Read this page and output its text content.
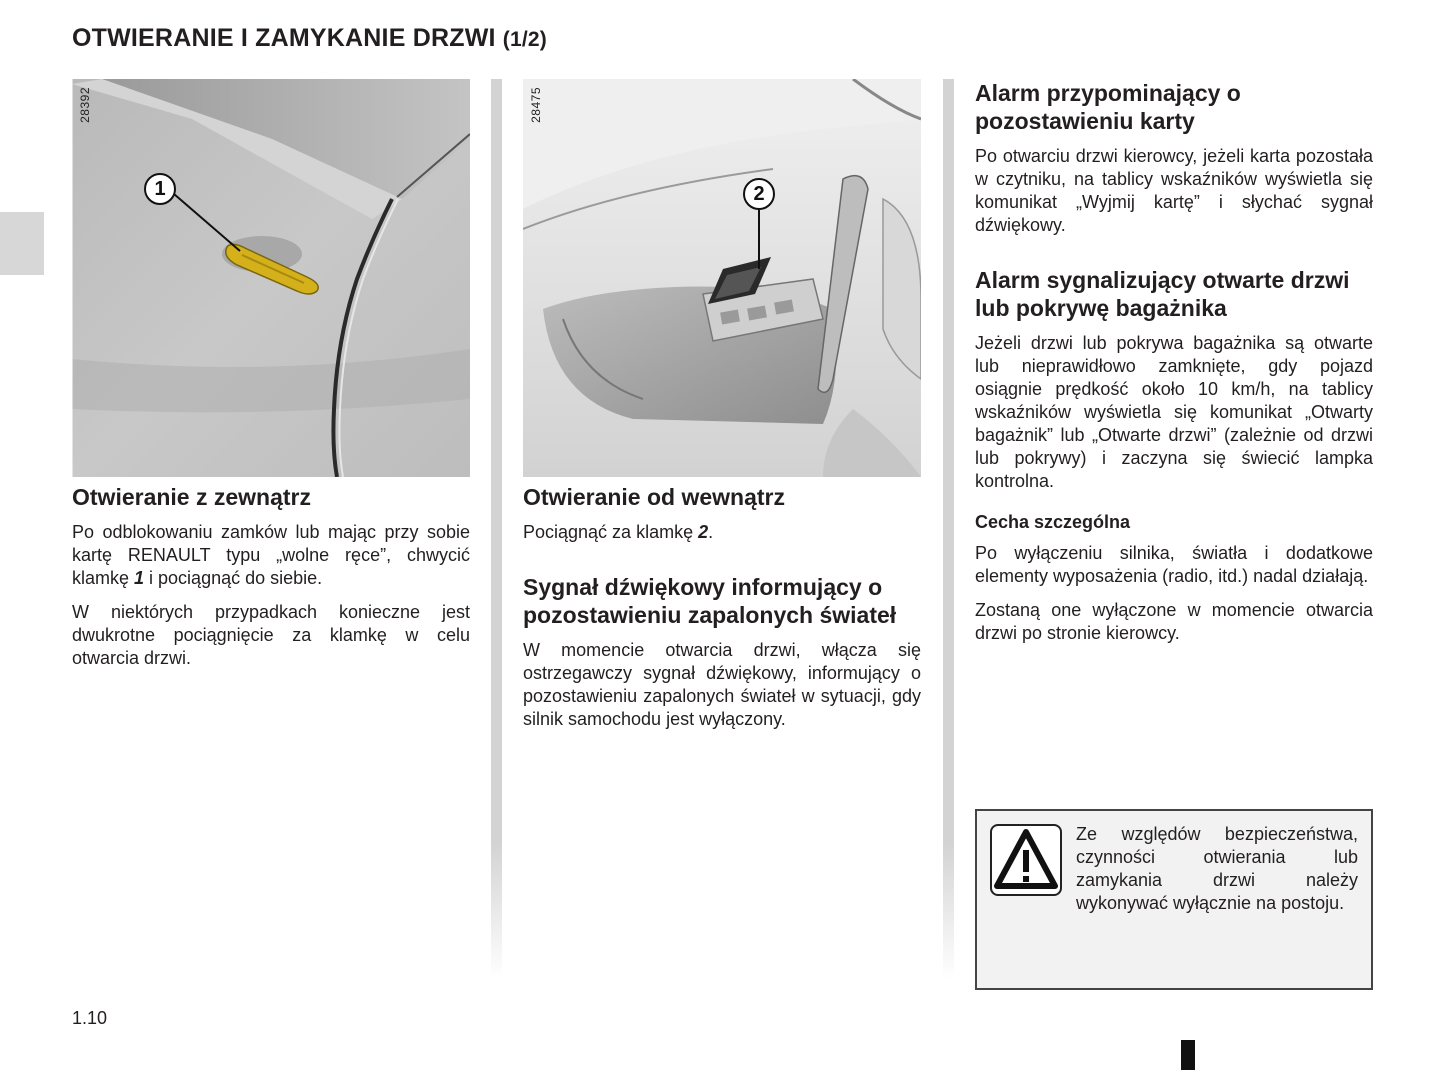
OTWIERANIE I ZAMYKANIE DRZWI (1/2)
28392
1
Otwieranie z zewnątrz

Po odblokowaniu zamków lub mając przy sobie kartę RENAULT typu „wolne ręce”, chwycić klamkę 1 i pociągnąć do siebie.

W niektórych przypadkach konieczne jest dwukrotne pociągnięcie za klamkę w celu otwarcia drzwi.

28475
2
Otwieranie od wewnątrz

Pociągnąć za klamkę 2.

Sygnał dźwiękowy informujący o pozostawieniu zapalonych świateł

W momencie otwarcia drzwi, włącza się ostrzegawczy sygnał dźwiękowy, informujący o pozostawieniu zapalonych świateł w sytuacji, gdy silnik samochodu jest wyłączony.

Alarm przypominający o pozostawieniu karty

Po otwarciu drzwi kierowcy, jeżeli karta pozostała w czytniku, na tablicy wskaźników wyświetla się komunikat „Wyjmij kartę” i słychać sygnał dźwiękowy.

Alarm sygnalizujący otwarte drzwi lub pokrywę bagażnika

Jeżeli drzwi lub pokrywa bagażnika są otwarte lub nieprawidłowo zamknięte, gdy pojazd osiągnie prędkość około 10 km/h, na tablicy wskaźników wyświetla się komunikat „Otwarty bagażnik” lub „Otwarte drzwi” (zależnie od drzwi lub pokrywy) i zaczyna się świecić lampka kontrolna.

Cecha szczególna

Po wyłączeniu silnika, światła i dodatkowe elementy wyposażenia (radio, itd.) nadal działają.

Zostaną one wyłączone w momencie otwarcia drzwi po stronie kierowcy.

Ze względów bezpieczeństwa, czynności otwierania lub zamykania drzwi należy wykonywać wyłącznie na postoju.

1.10
